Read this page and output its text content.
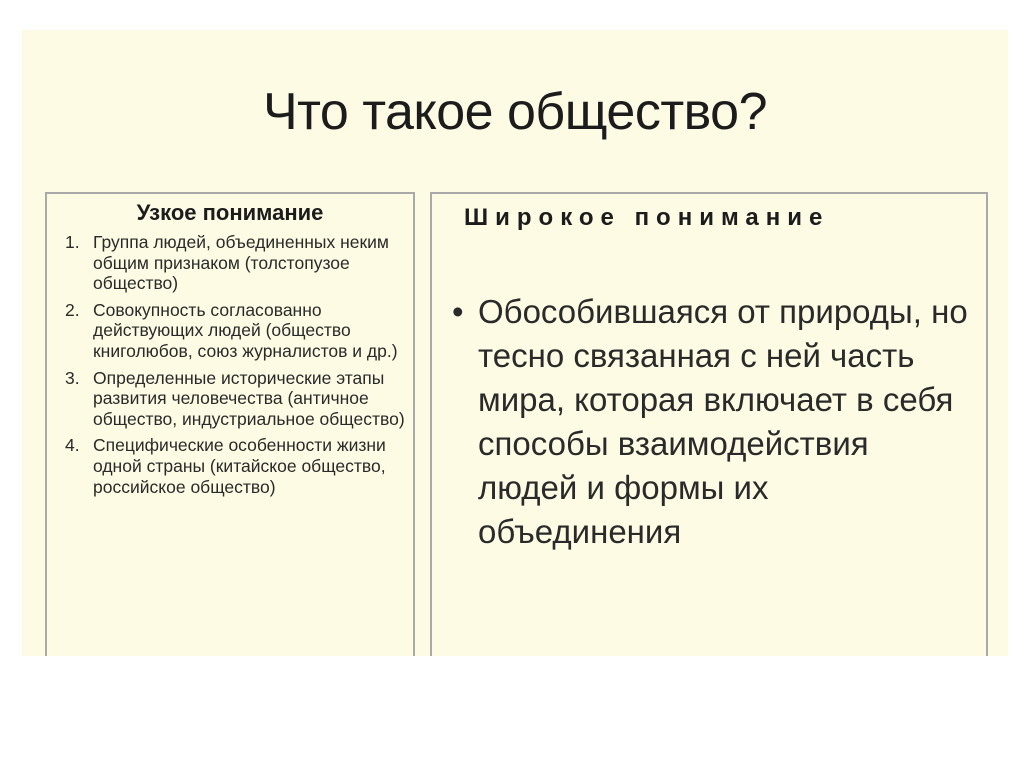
Что такое общество?
Узкое понимание
1. Группа людей, объединенных неким общим признаком (толстопузое общество)
2. Совокупность согласованно действующих людей (общество книголюбов, союз журналистов и др.)
3. Определенные исторические этапы развития человечества (античное общество, индустриальное общество)
4. Специфические особенности жизни одной страны (китайское общество, российское общество)
Широкое понимание
• Обособившаяся от природы, но тесно связанная с ней часть мира, которая включает в себя способы взаимодействия людей и формы их объединения
